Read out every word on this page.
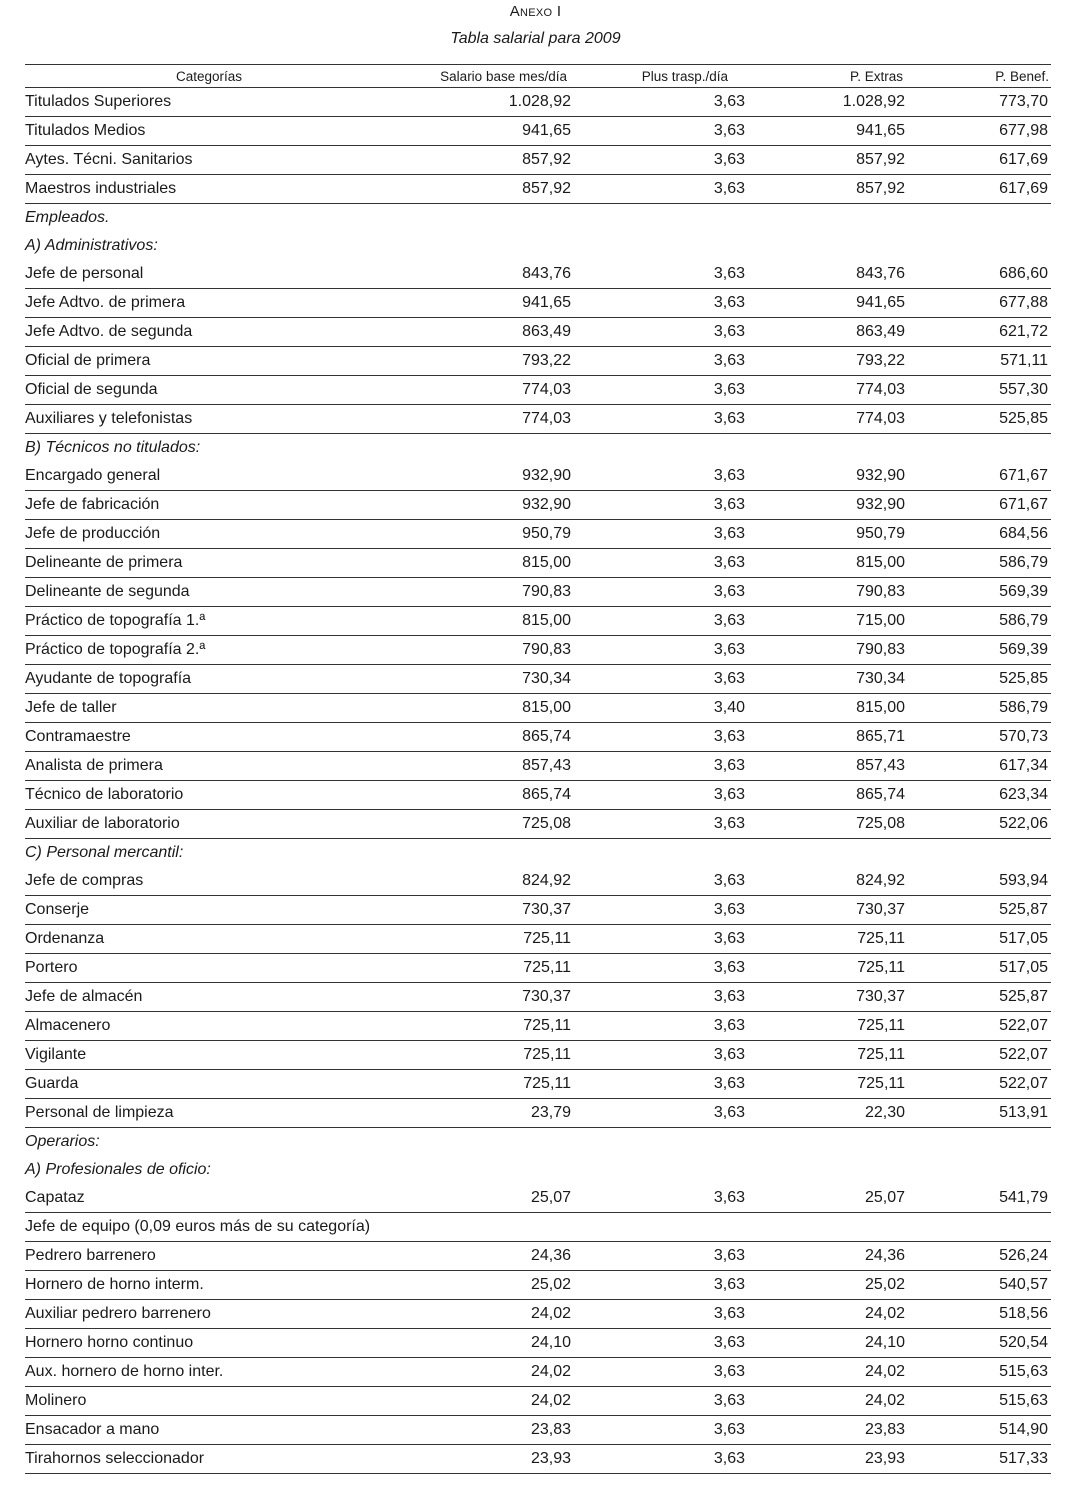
Anexo I
Tabla salarial para 2009
Categorías	Salario base mes/día	Plus trasp./día	P. Extras	P. Benef.
Titulados Superiores	1.028,92	3,63	1.028,92	773,70
Titulados Medios	941,65	3,63	941,65	677,98
Aytes. Técni. Sanitarios	857,92	3,63	857,92	617,69
Maestros industriales	857,92	3,63	857,92	617,69
Empleados.				
A) Administrativos:				
Jefe de personal	843,76	3,63	843,76	686,60
Jefe Adtvo. de primera	941,65	3,63	941,65	677,88
Jefe Adtvo. de segunda	863,49	3,63	863,49	621,72
Oficial de primera	793,22	3,63	793,22	571,11
Oficial de segunda	774,03	3,63	774,03	557,30
Auxiliares y telefonistas	774,03	3,63	774,03	525,85
B) Técnicos no titulados:				
Encargado general	932,90	3,63	932,90	671,67
Jefe de fabricación	932,90	3,63	932,90	671,67
Jefe de producción	950,79	3,63	950,79	684,56
Delineante de primera	815,00	3,63	815,00	586,79
Delineante de segunda	790,83	3,63	790,83	569,39
Práctico de topografía 1.ª	815,00	3,63	715,00	586,79
Práctico de topografía 2.ª	790,83	3,63	790,83	569,39
Ayudante de topografía	730,34	3,63	730,34	525,85
Jefe de taller	815,00	3,40	815,00	586,79
Contramaestre	865,74	3,63	865,71	570,73
Analista de primera	857,43	3,63	857,43	617,34
Técnico de laboratorio	865,74	3,63	865,74	623,34
Auxiliar de laboratorio	725,08	3,63	725,08	522,06
C) Personal mercantil:				
Jefe de compras	824,92	3,63	824,92	593,94
Conserje	730,37	3,63	730,37	525,87
Ordenanza	725,11	3,63	725,11	517,05
Portero	725,11	3,63	725,11	517,05
Jefe de almacén	730,37	3,63	730,37	525,87
Almacenero	725,11	3,63	725,11	522,07
Vigilante	725,11	3,63	725,11	522,07
Guarda	725,11	3,63	725,11	522,07
Personal de limpieza	23,79	3,63	22,30	513,91
Operarios:				
A) Profesionales de oficio:				
Capataz	25,07	3,63	25,07	541,79
Jefe de equipo (0,09 euros más de su categoría)				
Pedrero barrenero	24,36	3,63	24,36	526,24
Hornero de horno interm.	25,02	3,63	25,02	540,57
Auxiliar pedrero barrenero	24,02	3,63	24,02	518,56
Hornero horno continuo	24,10	3,63	24,10	520,54
Aux. hornero de horno inter.	24,02	3,63	24,02	515,63
Molinero	24,02	3,63	24,02	515,63
Ensacador a mano	23,83	3,63	23,83	514,90
Tirahornos seleccionador	23,93	3,63	23,93	517,33
